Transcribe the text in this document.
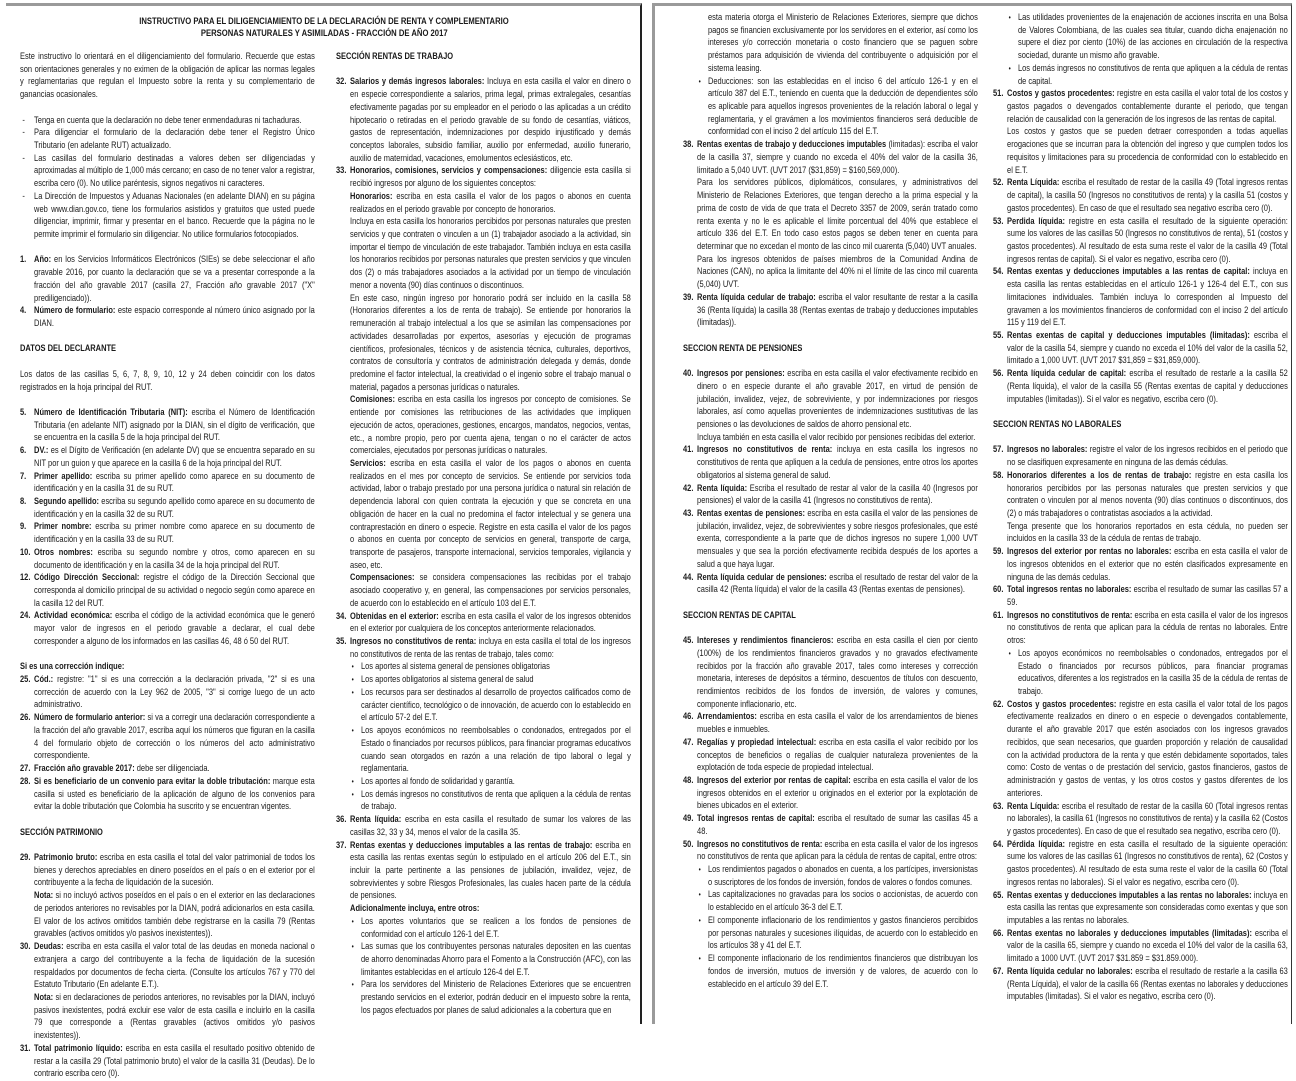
INSTRUCTIVO PARA EL DILIGENCIAMIENTO DE LA DECLARACIÓN DE RENTA Y COMPLEMENTARIO
PERSONAS NATURALES Y ASIMILADAS - FRACCIÓN DE AÑO 2017
Este instructivo lo orientará en el diligenciamiento del formulario. Recuerde que estas son orientaciones generales y no eximen de la obligación de aplicar las normas legales y reglamentarias que regulan el Impuesto sobre la renta y su complementario de ganancias ocasionales.
- Tenga en cuenta que la declaración no debe tener enmendaduras ni tachaduras.
- Para diligenciar el formulario de la declaración debe tener el Registro Único Tributario (en adelante RUT) actualizado.
- Las casillas del formulario destinadas a valores deben ser diligenciadas y aproximadas al múltiplo de 1,000 más cercano; en caso de no tener valor a registrar, escriba cero (0). No utilice paréntesis, signos negativos ni caracteres.
- La Dirección de Impuestos y Aduanas Nacionales (en adelante DIAN) en su página web www.dian.gov.co, tiene los formularios asistidos y gratuitos que usted puede diligenciar, imprimir, firmar y presentar en el banco. Recuerde que la página no le permite imprimir el formulario sin diligenciar. No utilice formularios fotocopiados.
1. Año: en los Servicios Informáticos Electrónicos (SIEs) se debe seleccionar el año gravable 2016, por cuanto la declaración que se va a presentar corresponde a la fracción del año gravable 2017 (casilla 27, Fracción año gravable 2017 ("X" prediligenciado)).
4. Número de formulario: este espacio corresponde al número único asignado por la DIAN.
DATOS DEL DECLARANTE
Los datos de las casillas 5, 6, 7, 8, 9, 10, 12 y 24 deben coincidir con los datos registrados en la hoja principal del RUT.
5. Número de Identificación Tributaria (NIT): escriba el Número de Identificación Tributaria (en adelante NIT) asignado por la DIAN, sin el dígito de verificación, que se encuentra en la casilla 5 de la hoja principal del RUT.
6. DV.: es el Dígito de Verificación (en adelante DV) que se encuentra separado en su NIT por un guion y que aparece en la casilla 6 de la hoja principal del RUT.
7. Primer apellido: escriba su primer apellido como aparece en su documento de identificación y en la casilla 31 de su RUT.
8. Segundo apellido: escriba su segundo apellido como aparece en su documento de identificación y en la casilla 32 de su RUT.
9. Primer nombre: escriba su primer nombre como aparece en su documento de identificación y en la casilla 33 de su RUT.
10. Otros nombres: escriba su segundo nombre y otros, como aparecen en su documento de identificación y en la casilla 34 de la hoja principal del RUT.
12. Código Dirección Seccional: registre el código de la Dirección Seccional que corresponda al domicilio principal de su actividad o negocio según como aparece en la casilla 12 del RUT.
24. Actividad económica: escriba el código de la actividad económica que le generó mayor valor de ingresos en el periodo gravable a declarar, el cual debe corresponder a alguno de los informados en las casillas 46, 48 ó 50 del RUT.
Si es una corrección indique:
25. Cód.: registre: "1" si es una corrección a la declaración privada, "2" si es una corrección de acuerdo con la Ley 962 de 2005, "3" si corrige luego de un acto administrativo.
26. Número de formulario anterior: si va a corregir una declaración correspondiente a la fracción del año gravable 2017, escriba aquí los números que figuran en la casilla 4 del formulario objeto de corrección o los números del acto administrativo correspondiente.
27. Fracción año gravable 2017: debe ser diligenciada.
28. Si es beneficiario de un convenio para evitar la doble tributación: marque esta casilla si usted es beneficiario de la aplicación de alguno de los convenios para evitar la doble tributación que Colombia ha suscrito y se encuentran vigentes.
SECCIÓN PATRIMONIO
29. Patrimonio bruto: escriba en esta casilla el total del valor patrimonial de todos los bienes y derechos apreciables en dinero poseídos en el país o en el exterior por el contribuyente a la fecha de liquidación de la sucesión.
Nota: si no incluyó activos poseídos en el país o en el exterior en las declaraciones de periodos anteriores no revisables por la DIAN, podrá adicionarlos en esta casilla. El valor de los activos omitidos también debe registrarse en la casilla 79 (Rentas gravables (activos omitidos y/o pasivos inexistentes)).
30. Deudas: escriba en esta casilla el valor total de las deudas en moneda nacional o extranjera a cargo del contribuyente a la fecha de liquidación de la sucesión respaldados por documentos de fecha cierta. (Consulte los artículos 767 y 770 del Estatuto Tributario (En adelante E.T.).
Nota: si en declaraciones de periodos anteriores, no revisables por la DIAN, incluyó pasivos inexistentes, podrá excluir ese valor de esta casilla e incluirlo en la casilla 79 que corresponde a (Rentas gravables (activos omitidos y/o pasivos inexistentes)).
31. Total patrimonio líquido: escriba en esta casilla el resultado positivo obtenido de restar a la casilla 29 (Total patrimonio bruto) el valor de la casilla 31 (Deudas). De lo contrario escriba cero (0).
SECCIÓN RENTAS DE TRABAJO
32. Salarios y demás ingresos laborales: Incluya en esta casilla el valor en dinero o en especie correspondiente a salarios, prima legal, primas extralegales, cesantías efectivamente pagadas por su empleador en el periodo o las aplicadas a un crédito hipotecario o retiradas en el periodo gravable de su fondo de cesantías, viáticos, gastos de representación, indemnizaciones por despido injustificado y demás conceptos laborales, subsidio familiar, auxilio por enfermedad, auxilio funerario, auxilio de maternidad, vacaciones, emolumentos eclesiásticos, etc.
33. Honorarios, comisiones, servicios y compensaciones: diligencie esta casilla si recibió ingresos por alguno de los siguientes conceptos:
Honorarios: escriba en esta casilla el valor de los pagos o abonos en cuenta realizados en el periodo gravable por concepto de honorarios.
Incluya en esta casilla los honorarios percibidos por personas naturales que presten servicios y que contraten o vinculen a un (1) trabajador asociado a la actividad, sin importar el tiempo de vinculación de este trabajador. También incluya en esta casilla los honorarios recibidos por personas naturales que presten servicios y que vinculen dos (2) o más trabajadores asociados a la actividad por un tiempo de vinculación menor a noventa (90) días continuos o discontinuos.
En este caso, ningún ingreso por honorario podrá ser incluido en la casilla 58 (Honorarios diferentes a los de renta de trabajo). Se entiende por honorarios la remuneración al trabajo intelectual a los que se asimilan las compensaciones por actividades desarrolladas por expertos, asesorías y ejecución de programas científicos, profesionales, técnicos y de asistencia técnica, culturales, deportivos, contratos de consultoría y contratos de administración delegada y demás, donde predomine el factor intelectual, la creatividad o el ingenio sobre el trabajo manual o material, pagados a personas jurídicas o naturales.
Comisiones: escriba en esta casilla los ingresos por concepto de comisiones. Se entiende por comisiones las retribuciones de las actividades que impliquen ejecución de actos, operaciones, gestiones, encargos, mandatos, negocios, ventas, etc., a nombre propio, pero por cuenta ajena, tengan o no el carácter de actos comerciales, ejecutados por personas jurídicas o naturales.
Servicios: escriba en esta casilla el valor de los pagos o abonos en cuenta realizados en el mes por concepto de servicios. Se entiende por servicios toda actividad, labor o trabajo prestado por una persona jurídica o natural sin relación de dependencia laboral con quien contrata la ejecución y que se concreta en una obligación de hacer en la cual no predomina el factor intelectual y se genera una contraprestación en dinero o especie. Registre en esta casilla el valor de los pagos o abonos en cuenta por concepto de servicios en general, transporte de carga, transporte de pasajeros, transporte internacional, servicios temporales, vigilancia y aseo, etc.
Compensaciones: se considera compensaciones las recibidas por el trabajo asociado cooperativo y, en general, las compensaciones por servicios personales, de acuerdo con lo establecido en el artículo 103 del E.T.
34. Obtenidas en el exterior: escriba en esta casilla el valor de los ingresos obtenidos en el exterior por cualquiera de los conceptos anteriormente relacionados.
35. Ingresos no constitutivos de renta: incluya en esta casilla el total de los ingresos no constitutivos de renta de las rentas de trabajo, tales como:
• Los aportes al sistema general de pensiones obligatorias
• Los aportes obligatorios al sistema general de salud
• Los recursos para ser destinados al desarrollo de proyectos calificados como de carácter científico, tecnológico o de innovación, de acuerdo con lo establecido en el artículo 57-2 del E.T.
• Los apoyos económicos no reembolsables o condonados, entregados por el Estado o financiados por recursos públicos, para financiar programas educativos cuando sean otorgados en razón a una relación de tipo laboral o legal y reglamentaria.
• Los aportes al fondo de solidaridad y garantía.
• Los demás ingresos no constitutivos de renta que apliquen a la cédula de rentas de trabajo.
36. Renta líquida: escriba en esta casilla el resultado de sumar los valores de las casillas 32, 33 y 34, menos el valor de la casilla 35.
37. Rentas exentas y deducciones imputables a las rentas de trabajo: escriba en esta casilla las rentas exentas según lo estipulado en el artículo 206 del E.T., sin incluir la parte pertinente a las pensiones de jubilación, invalidez, vejez, de sobrevivientes y sobre Riesgos Profesionales, las cuales hacen parte de la cédula de pensiones.
Adicionalmente incluya, entre otros:
• Los aportes voluntarios que se realicen a los fondos de pensiones de conformidad con el artículo 126-1 del E.T.
• Las sumas que los contribuyentes personas naturales depositen en las cuentas de ahorro denominadas Ahorro para el Fomento a la Construcción (AFC), con las limitantes establecidas en el artículo 126-4 del E.T.
• Para los servidores del Ministerio de Relaciones Exteriores que se encuentren prestando servicios en el exterior, podrán deducir en el impuesto sobre la renta, los pagos efectuados por planes de salud adicionales a la cobertura que en
esta materia otorga el Ministerio de Relaciones Exteriores, siempre que dichos pagos se financien exclusivamente por los servidores en el exterior, así como los intereses y/o corrección monetaria o costo financiero que se paguen sobre préstamos para adquisición de vivienda del contribuyente o adquisición por el sistema leasing.
• Deducciones: son las establecidas en el inciso 6 del artículo 126-1 y en el artículo 387 del E.T., teniendo en cuenta que la deducción de dependientes sólo es aplicable para aquellos ingresos provenientes de la relación laboral o legal y reglamentaria, y el gravámen a los movimientos financieros será deducible de conformidad con el inciso 2 del artículo 115 del E.T.
38. Rentas exentas de trabajo y deducciones imputables (limitadas): escriba el valor de la casilla 37, siempre y cuando no exceda el 40% del valor de la casilla 36, limitado a 5,040 UVT. (UVT 2017 ($31,859) = $160,569,000).
Para los servidores públicos, diplomáticos, consulares, y administrativos del Ministerio de Relaciones Exteriores, que tengan derecho a la prima especial y la prima de costo de vida de que trata el Decreto 3357 de 2009, serán tratado como renta exenta y no le es aplicable el límite porcentual del 40% que establece el artículo 336 del E.T. En todo caso estos pagos se deben tener en cuenta para determinar que no excedan el monto de las cinco mil cuarenta (5,040) UVT anuales.
Para los ingresos obtenidos de países miembros de la Comunidad Andina de Naciones (CAN), no aplica la limitante del 40% ni el límite de las cinco mil cuarenta (5,040) UVT.
39. Renta líquida cedular de trabajo: escriba el valor resultante de restar a la casilla 36 (Renta líquida) la casilla 38 (Rentas exentas de trabajo y deducciones imputables (limitadas)).
SECCION RENTA DE PENSIONES
40. Ingresos por pensiones: escriba en esta casilla el valor efectivamente recibido en dinero o en especie durante el año gravable 2017, en virtud de pensión de jubilación, invalidez, vejez, de sobreviviente, y por indemnizaciones por riesgos laborales, así como aquellas provenientes de indemnizaciones sustitutivas de las pensiones o las devoluciones de saldos de ahorro pensional etc.
Incluya también en esta casilla el valor recibido por pensiones recibidas del exterior.
41. Ingresos no constitutivos de renta: incluya en esta casilla los ingresos no constitutivos de renta que apliquen a la cedula de pensiones, entre otros los aportes obligatorios al sistema general de salud.
42. Renta líquida: Escriba el resultado de restar al valor de la casilla 40 (Ingresos por pensiones) el valor de la casilla 41 (Ingresos no constitutivos de renta).
43. Rentas exentas de pensiones: escriba en esta casilla el valor de las pensiones de jubilación, invalidez, vejez, de sobrevivientes y sobre riesgos profesionales, que esté exenta, correspondiente a la parte que de dichos ingresos no supere 1,000 UVT mensuales y que sea la porción efectivamente recibida después de los aportes a salud a que haya lugar.
44. Renta líquida cedular de pensiones: escriba el resultado de restar del valor de la casilla 42 (Renta líquida) el valor de la casilla 43 (Rentas exentas de pensiones).
SECCION RENTAS DE CAPITAL
45. Intereses y rendimientos financieros: escriba en esta casilla el cien por ciento (100%) de los rendimientos financieros gravados y no gravados efectivamente recibidos por la fracción año gravable 2017, tales como intereses y corrección monetaria, intereses de depósitos a término, descuentos de títulos con descuento, rendimientos recibidos de los fondos de inversión, de valores y comunes, componente inflacionario, etc.
46. Arrendamientos: escriba en esta casilla el valor de los arrendamientos de bienes muebles e inmuebles.
47. Regalías y propiedad intelectual: escriba en esta casilla el valor recibido por los conceptos de beneficios o regalías de cualquier naturaleza provenientes de la explotación de toda especie de propiedad intelectual.
48. Ingresos del exterior por rentas de capital: escriba en esta casilla el valor de los ingresos obtenidos en el exterior u originados en el exterior por la explotación de bienes ubicados en el exterior.
49. Total ingresos rentas de capital: escriba el resultado de sumar las casillas 45 a 48.
50. Ingresos no constitutivos de renta: escriba en esta casilla el valor de los ingresos no constitutivos de renta que aplican para la cédula de rentas de capital, entre otros:
• Los rendimientos pagados o abonados en cuenta, a los partícipes, inversionistas o suscriptores de los fondos de inversión, fondos de valores o fondos comunes.
• Las capitalizaciones no gravadas para los socios o accionistas, de acuerdo con lo establecido en el artículo 36-3 del E.T.
• El componente inflacionario de los rendimientos y gastos financieros percibidos por personas naturales y sucesiones ilíquidas, de acuerdo con lo establecido en los artículos 38 y 41 del E.T.
• El componente inflacionario de los rendimientos financieros que distribuyan los fondos de inversión, mutuos de inversión y de valores, de acuerdo con lo establecido en el artículo 39 del E.T.
• Las utilidades provenientes de la enajenación de acciones inscrita en una Bolsa de Valores Colombiana, de las cuales sea titular, cuando dicha enajenación no supere el diez por ciento (10%) de las acciones en circulación de la respectiva sociedad, durante un mismo año gravable.
• Los demás ingresos no constitutivos de renta que apliquen a la cédula de rentas de capital.
51. Costos y gastos procedentes: registre en esta casilla el valor total de los costos y gastos pagados o devengados contablemente durante el periodo, que tengan relación de causalidad con la generación de los ingresos de las rentas de capital.
Los costos y gastos que se pueden detraer corresponden a todas aquellas erogaciones que se incurran para la obtención del ingreso y que cumplen todos los requisitos y limitaciones para su procedencia de conformidad con lo establecido en el E.T.
52. Renta Líquida: escriba el resultado de restar de la casilla 49 (Total ingresos rentas de capital), la casilla 50 (Ingresos no constitutivos de renta) y la casilla 51 (costos y gastos procedentes). En caso de que el resultado sea negativo escriba cero (0).
53. Perdida líquida: registre en esta casilla el resultado de la siguiente operación: sume los valores de las casillas 50 (Ingresos no constitutivos de renta), 51 (costos y gastos procedentes). Al resultado de esta suma reste el valor de la casilla 49 (Total ingresos rentas de capital). Si el valor es negativo, escriba cero (0).
54. Rentas exentas y deducciones imputables a las rentas de capital: incluya en esta casilla las rentas establecidas en el artículo 126-1 y 126-4 del E.T., con sus limitaciones individuales. También incluya lo corresponden al Impuesto del gravamen a los movimientos financieros de conformidad con el inciso 2 del artículo 115 y 119 del E.T.
55. Rentas exentas de capital y deducciones imputables (limitadas): escriba el valor de la casilla 54, siempre y cuando no exceda el 10% del valor de la casilla 52, limitado a 1,000 UVT. (UVT 2017 $31,859 = $31,859,000).
56. Renta líquida cedular de capital: escriba el resultado de restarle a la casilla 52 (Renta líquida), el valor de la casilla 55 (Rentas exentas de capital y deducciones imputables (limitadas)). Si el valor es negativo, escriba cero (0).
SECCION RENTAS NO LABORALES
57. Ingresos no laborales: registre el valor de los ingresos recibidos en el periodo que no se clasifiquen expresamente en ninguna de las demás cédulas.
58. Honorarios diferentes a los de rentas de trabajo: registre en esta casilla los honorarios percibidos por las personas naturales que presten servicios y que contraten o vinculen por al menos noventa (90) días continuos o discontinuos, dos (2) o más trabajadores o contratistas asociados a la actividad.
Tenga presente que los honorarios reportados en esta cédula, no pueden ser incluidos en la casilla 33 de la cédula de rentas de trabajo.
59. Ingresos del exterior por rentas no laborales: escriba en esta casilla el valor de los ingresos obtenidos en el exterior que no estén clasificados expresamente en ninguna de las demás cedulas.
60. Total ingresos rentas no laborales: escriba el resultado de sumar las casillas 57 a 59.
61. Ingresos no constitutivos de renta: escriba en esta casilla el valor de los ingresos no constitutivos de renta que aplican para la cédula de rentas no laborales. Entre otros:
• Los apoyos económicos no reembolsables o condonados, entregados por el Estado o financiados por recursos públicos, para financiar programas educativos, diferentes a los registrados en la casilla 35 de la cédula de rentas de trabajo.
62. Costos y gastos procedentes: registre en esta casilla el valor total de los pagos efectivamente realizados en dinero o en especie o devengados contablemente, durante el año gravable 2017 que estén asociados con los ingresos gravados recibidos, que sean necesarios, que guarden proporción y relación de causalidad con la actividad productora de la renta y que estén debidamente soportados, tales como: Costo de ventas o de prestación del servicio, gastos financieros, gastos de administración y gastos de ventas, y los otros costos y gastos diferentes de los anteriores.
63. Renta Líquida: escriba el resultado de restar de la casilla 60 (Total ingresos rentas no laborales), la casilla 61 (Ingresos no constitutivos de renta) y la casilla 62 (Costos y gastos procedentes). En caso de que el resultado sea negativo, escriba cero (0).
64. Pérdida líquida: registre en esta casilla el resultado de la siguiente operación: sume los valores de las casillas 61 (Ingresos no constitutivos de renta), 62 (Costos y gastos procedentes). Al resultado de esta suma reste el valor de la casilla 60 (Total ingresos rentas no laborales). Si el valor es negativo, escriba cero (0).
65. Rentas exentas y deducciones imputables a las rentas no laborales: incluya en esta casilla las rentas que expresamente son consideradas como exentas y que son imputables a las rentas no laborales.
66. Rentas exentas no laborales y deducciones imputables (limitadas): escriba el valor de la casilla 65, siempre y cuando no exceda el 10% del valor de la casilla 63, limitado a 1000 UVT. (UVT 2017 $31.859 = $31.859.000).
67. Renta líquida cedular no laborales: escriba el resultado de restarle a la casilla 63 (Renta Líquida), el valor de la casilla 66 (Rentas exentas no laborales y deducciones imputables (limitadas). Si el valor es negativo, escriba cero (0).
